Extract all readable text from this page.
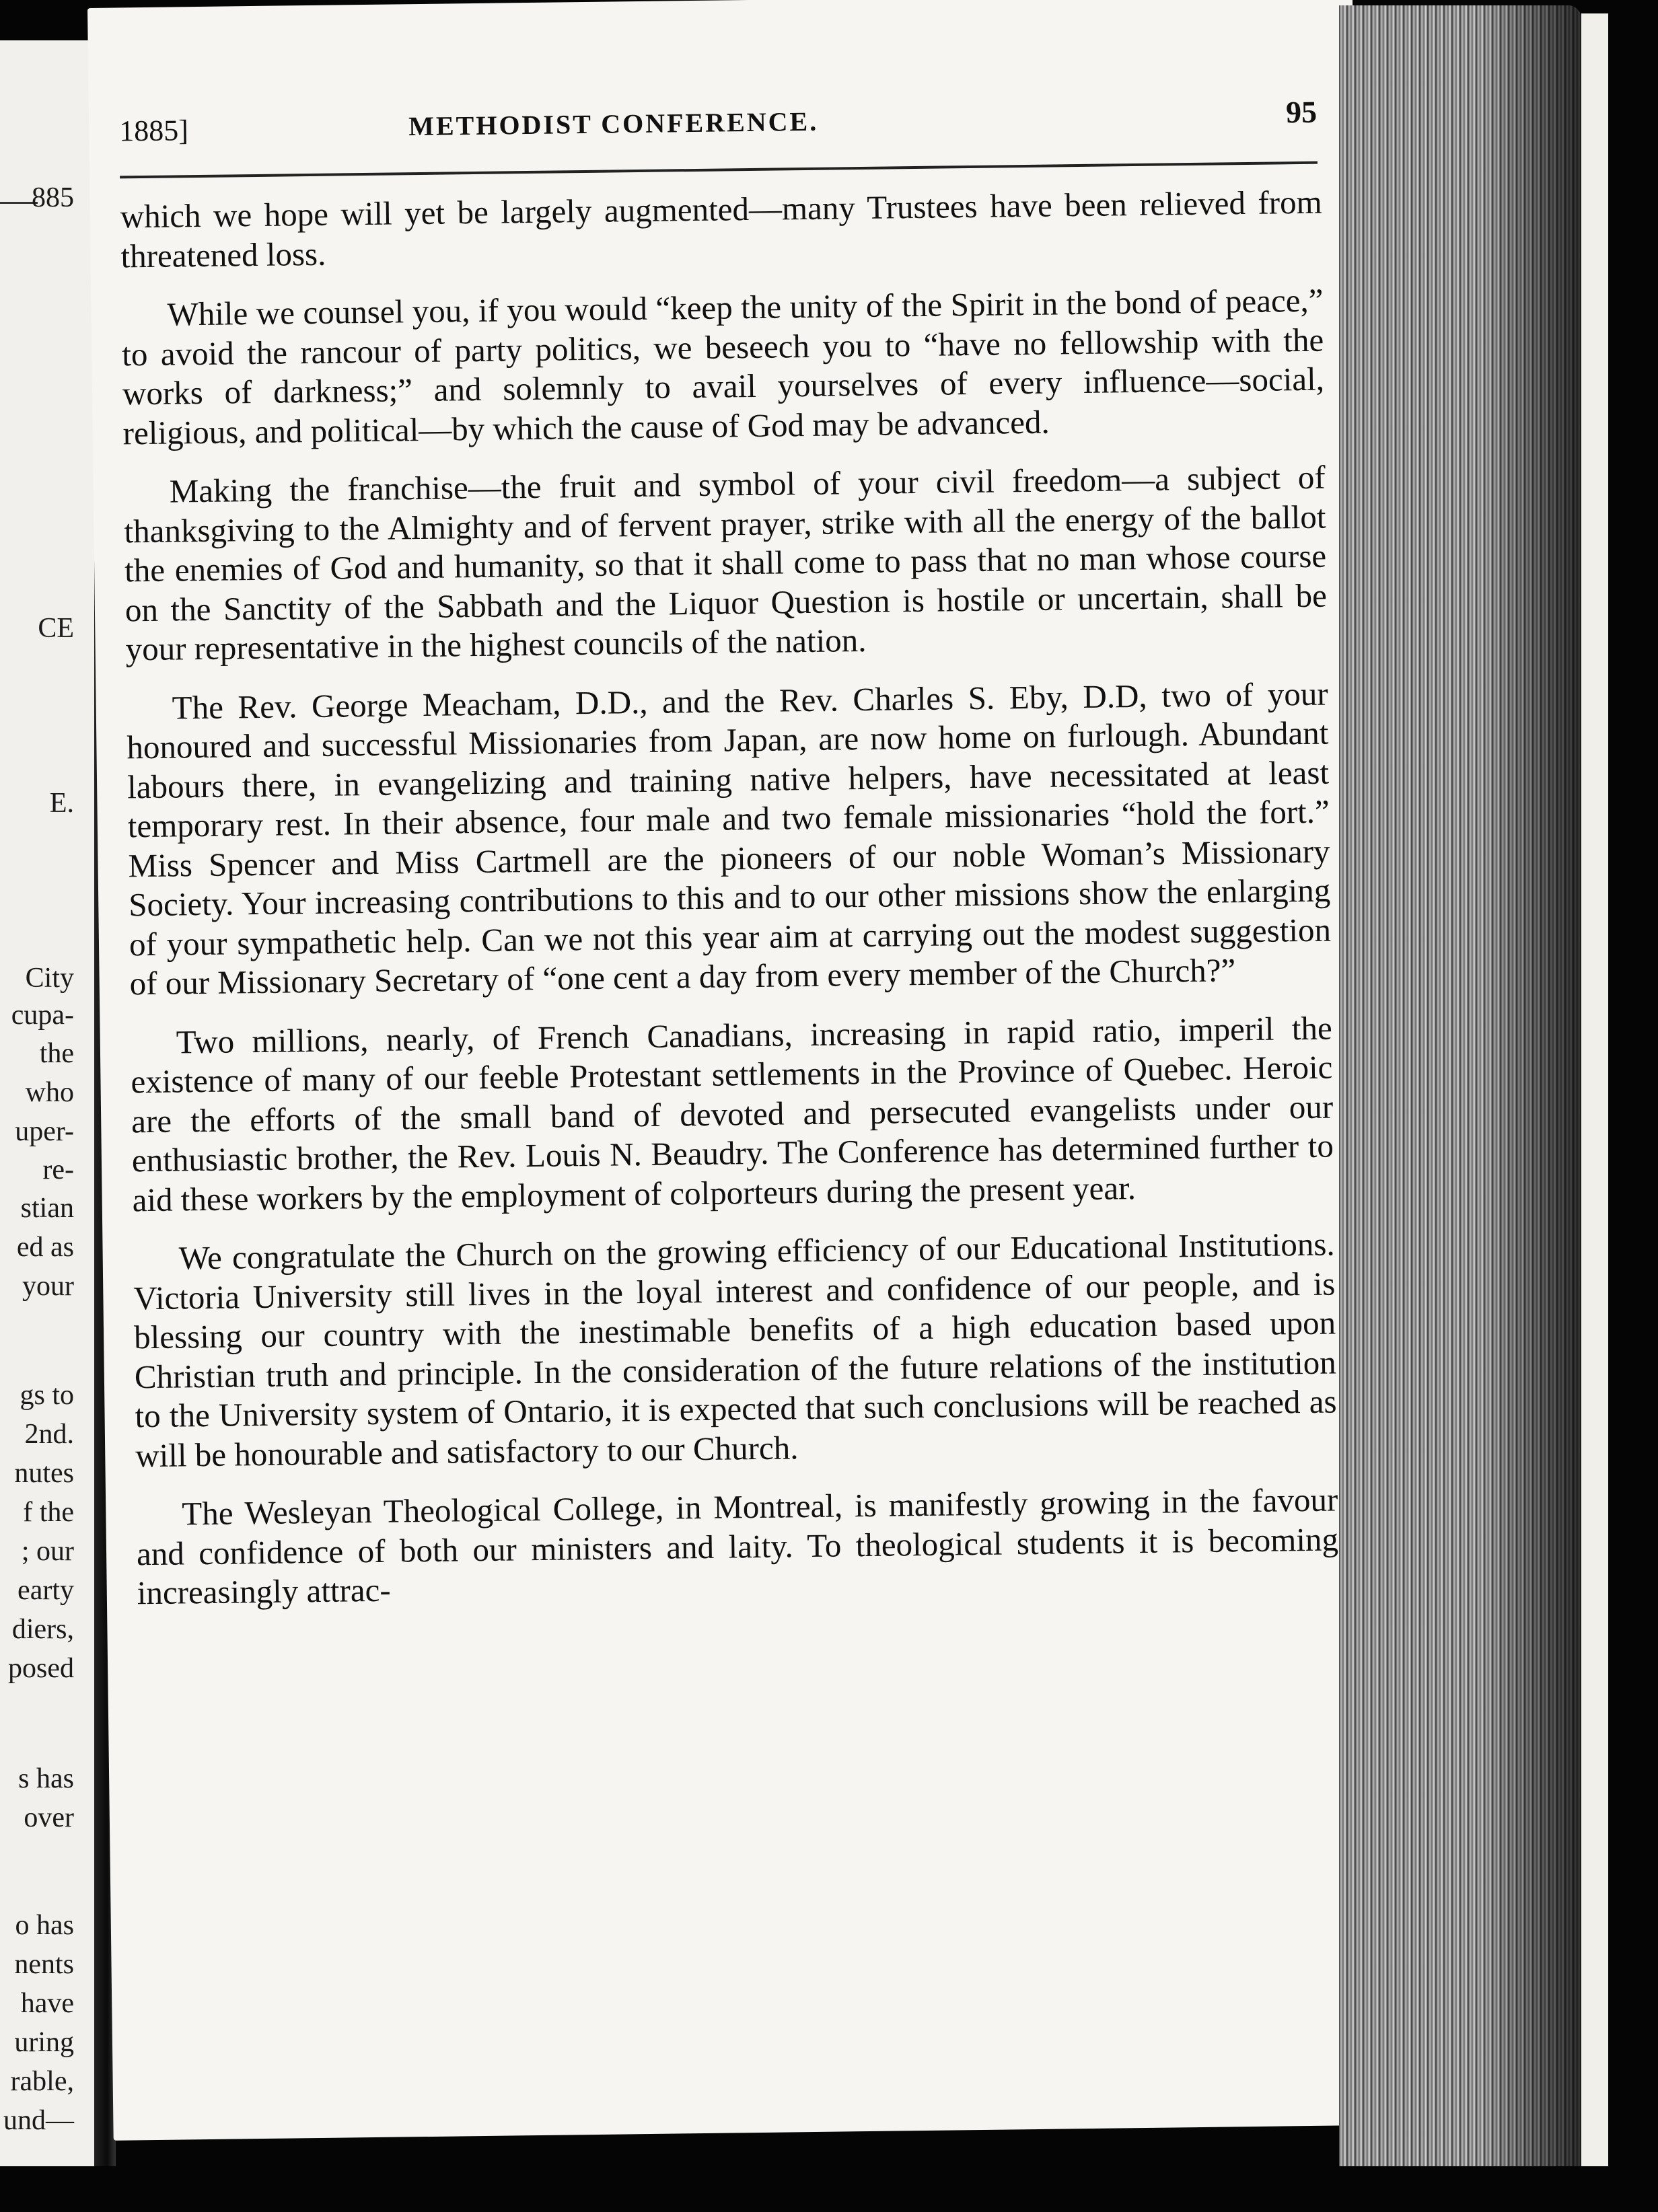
885
CE
E.
City
cupa-
the
who
uper-
re-
stian
ed as
your
gs to
2nd.
nutes
f the
; our
earty
diers,
posed
s has
over
o has
nents
have
uring
rable,
und—
1885]	METHODIST CONFERENCE.	95

which we hope will yet be largely augmented—many Trustees have been relieved from threatened loss.

While we counsel you, if you would “keep the unity of the Spirit in the bond of peace,” to avoid the rancour of party politics, we beseech you to “have no fellowship with the works of darkness;” and solemnly to avail yourselves of every influence—social, religious, and political—by which the cause of God may be advanced.

Making the franchise—the fruit and symbol of your civil freedom—a subject of thanksgiving to the Almighty and of fervent prayer, strike with all the energy of the ballot the enemies of God and humanity, so that it shall come to pass that no man whose course on the Sanctity of the Sabbath and the Liquor Question is hostile or uncertain, shall be your representative in the highest councils of the nation.

The Rev. George Meacham, D.D., and the Rev. Charles S. Eby, D.D, two of your honoured and successful Missionaries from Japan, are now home on furlough. Abundant labours there, in evangelizing and training native helpers, have necessitated at least temporary rest. In their absence, four male and two female missionaries “hold the fort.” Miss Spencer and Miss Cartmell are the pioneers of our noble Woman’s Missionary Society. Your increasing contributions to this and to our other missions show the enlarging of your sympathetic help. Can we not this year aim at carrying out the modest suggestion of our Missionary Secretary of “one cent a day from every member of the Church?”

Two millions, nearly, of French Canadians, increasing in rapid ratio, imperil the existence of many of our feeble Protestant settlements in the Province of Quebec. Heroic are the efforts of the small band of devoted and persecuted evangelists under our enthusiastic brother, the Rev. Louis N. Beaudry. The Conference has determined further to aid these workers by the employment of colporteurs during the present year.

We congratulate the Church on the growing efficiency of our Educational Institutions. Victoria University still lives in the loyal interest and confidence of our people, and is blessing our country with the inestimable benefits of a high education based upon Christian truth and principle. In the consideration of the future relations of the institution to the University system of Ontario, it is expected that such conclusions will be reached as will be honourable and satisfactory to our Church.

The Wesleyan Theological College, in Montreal, is manifestly growing in the favour and confidence of both our ministers and laity. To theological students it is becoming increasingly attrac-
